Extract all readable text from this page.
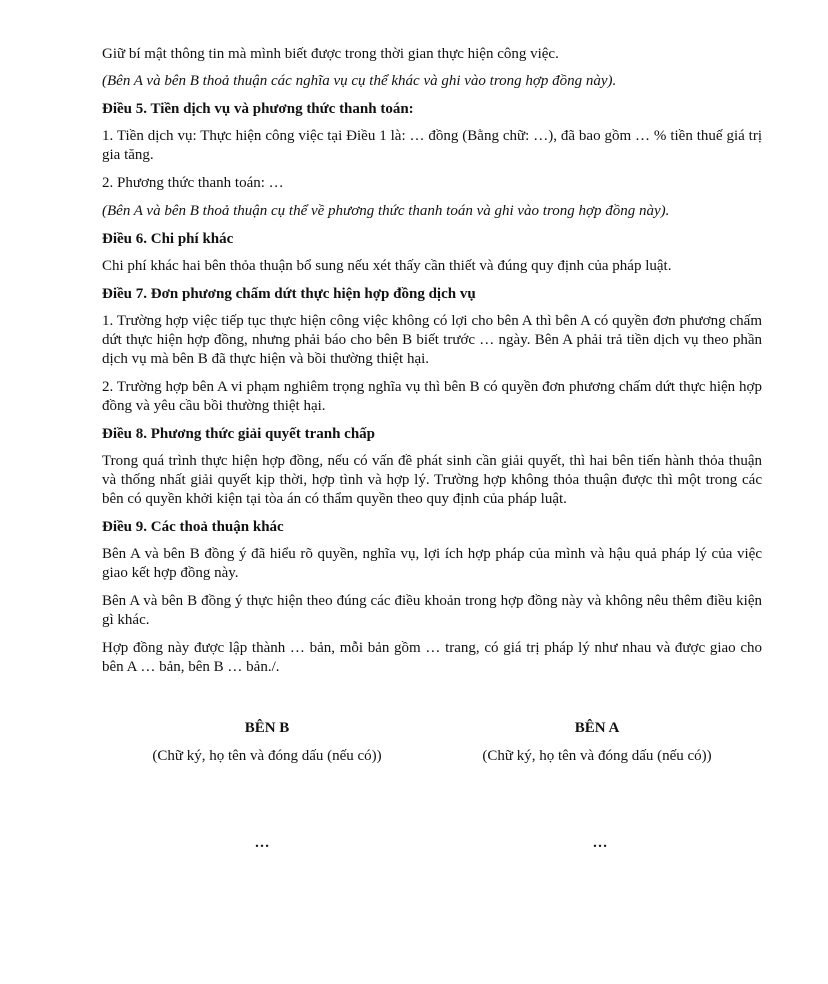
Giữ bí mật thông tin mà mình biết được trong thời gian thực hiện công việc.

(Bên A và bên B thoả thuận các nghĩa vụ cụ thể khác và ghi vào trong hợp đồng này).

Điều 5. Tiền dịch vụ và phương thức thanh toán:

1. Tiền dịch vụ: Thực hiện công việc tại Điều 1 là: … đồng (Bằng chữ: …), đã bao gồm … % tiền thuế giá trị gia tăng.

2. Phương thức thanh toán: …

(Bên A và bên B thoả thuận cụ thể về phương thức thanh toán và ghi vào trong hợp đồng này).

Điều 6. Chi phí khác

Chi phí khác hai bên thỏa thuận bổ sung nếu xét thấy cần thiết và đúng quy định của pháp luật.

Điều 7. Đơn phương chấm dứt thực hiện hợp đồng dịch vụ

1. Trường hợp việc tiếp tục thực hiện công việc không có lợi cho bên A thì bên A có quyền đơn phương chấm dứt thực hiện hợp đồng, nhưng phải báo cho bên B biết trước … ngày. Bên A phải trả tiền dịch vụ theo phần dịch vụ mà bên B đã thực hiện và bồi thường thiệt hại.

2. Trường hợp bên A vi phạm nghiêm trọng nghĩa vụ thì bên B có quyền đơn phương chấm dứt thực hiện hợp đồng và yêu cầu bồi thường thiệt hại.

Điều 8. Phương thức giải quyết tranh chấp

Trong quá trình thực hiện hợp đồng, nếu có vấn đề phát sinh cần giải quyết, thì hai bên tiến hành thỏa thuận và thống nhất giải quyết kịp thời, hợp tình và hợp lý. Trường hợp không thỏa thuận được thì một trong các bên có quyền khởi kiện tại tòa án có thẩm quyền theo quy định của pháp luật.

Điều 9. Các thoả thuận khác

Bên A và bên B đồng ý đã hiểu rõ quyền, nghĩa vụ, lợi ích hợp pháp của mình và hậu quả pháp lý của việc giao kết hợp đồng này.

Bên A và bên B đồng ý thực hiện theo đúng các điều khoản trong hợp đồng này và không nêu thêm điều kiện gì khác.

Hợp đồng này được lập thành … bản, mỗi bản gồm … trang, có giá trị pháp lý như nhau và được giao cho bên A … bản, bên B … bản./.

BÊN B

(Chữ ký, họ tên và đóng dấu (nếu có))

BÊN A

(Chữ ký, họ tên và đóng dấu (nếu có))

…	…
